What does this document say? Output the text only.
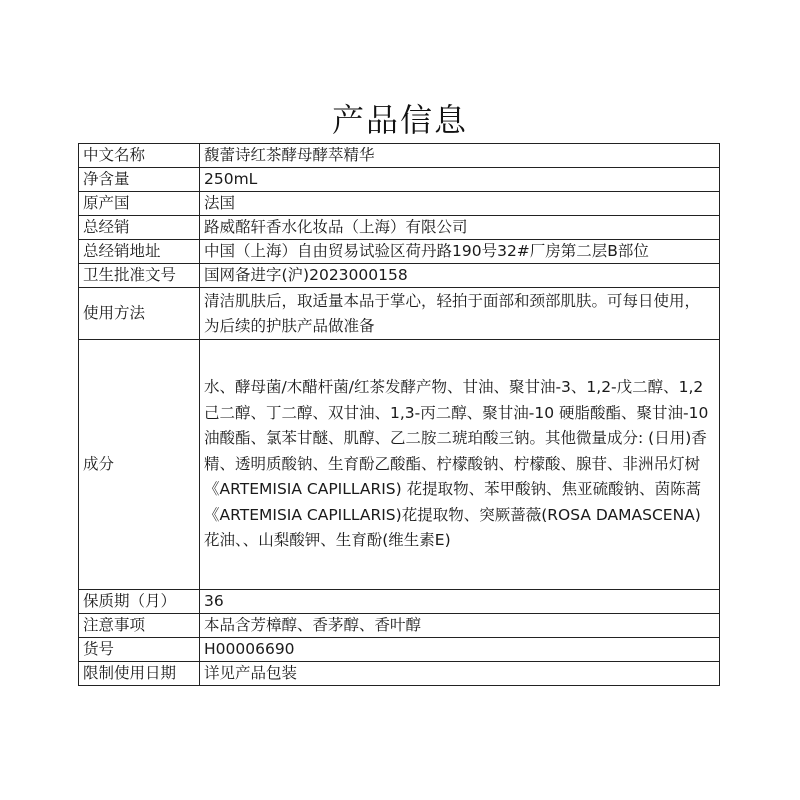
产品信息
中文名称	馥蕾诗红茶酵母酵萃精华
净含量	250mL
原产国	法国
总经销	路威酩轩香水化妆品（上海）有限公司
总经销地址	中国（上海）自由贸易试验区荷丹路190号32#厂房第二层B部位
卫生批准文号	国网备进字(沪)2023000158
使用方法	清洁肌肤后，取适量本品于掌心，轻拍于面部和颈部肌肤。可每日使用，为后续的护肤产品做准备
成分	水、酵母菌/木醋杆菌/红茶发酵产物、甘油、聚甘油-3、1,2-戊二醇、1,2己二醇、丁二醇、双甘油、1,3-丙二醇、聚甘油-10 硬脂酸酯、聚甘油-10 油酸酯、氯苯甘醚、肌醇、乙二胺二琥珀酸三钠。其他微量成分: (日用)香精、透明质酸钠、生育酚乙酸酯、柠檬酸钠、柠檬酸、腺苷、非洲吊灯树《ARTEMISIA CAPILLARIS) 花提取物、苯甲酸钠、焦亚硫酸钠、茵陈蒿《ARTEMISIA CAPILLARIS)花提取物、突厥蔷薇(ROSA DAMASCENA) 花油、、山梨酸钾、生育酚(维生素E)
保质期（月）	36
注意事项	本品含芳樟醇、香茅醇、香叶醇
货号	H00006690
限制使用日期	详见产品包装
